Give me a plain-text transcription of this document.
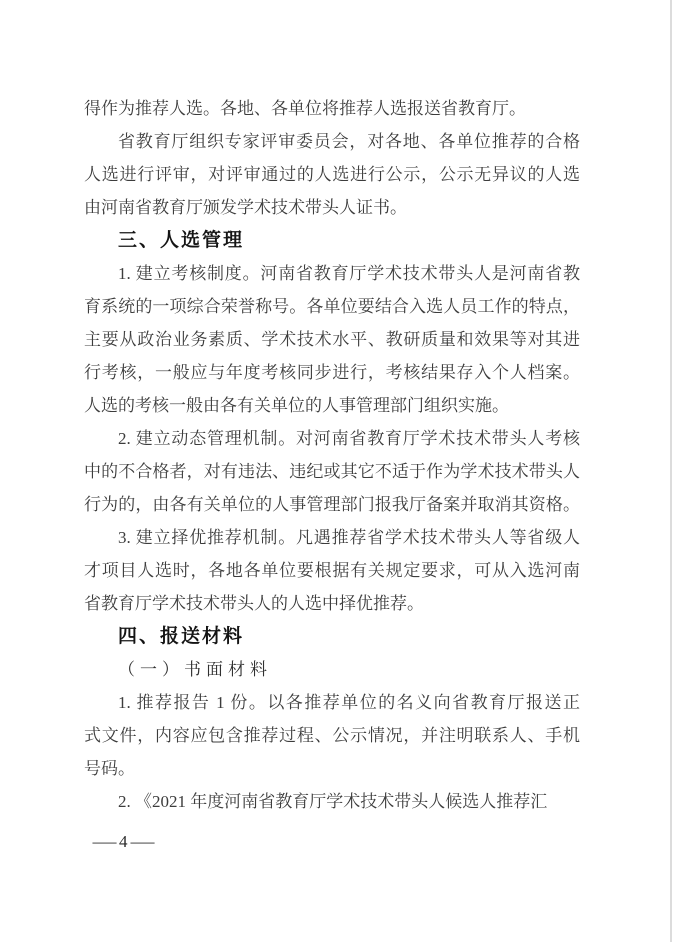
得作为推荐人选。各地、各单位将推荐人选报送省教育厅。
省教育厅组织专家评审委员会，对各地、各单位推荐的合格
人选进行评审，对评审通过的人选进行公示，公示无异议的人选
由河南省教育厅颁发学术技术带头人证书。
三、人选管理
1. 建立考核制度。河南省教育厅学术技术带头人是河南省教
育系统的一项综合荣誉称号。各单位要结合入选人员工作的特点，
主要从政治业务素质、学术技术水平、教研质量和效果等对其进
行考核，一般应与年度考核同步进行，考核结果存入个人档案。
人选的考核一般由各有关单位的人事管理部门组织实施。
2. 建立动态管理机制。对河南省教育厅学术技术带头人考核
中的不合格者，对有违法、违纪或其它不适于作为学术技术带头人
行为的，由各有关单位的人事管理部门报我厅备案并取消其资格。
3. 建立择优推荐机制。凡遇推荐省学术技术带头人等省级人
才项目人选时，各地各单位要根据有关规定要求，可从入选河南
省教育厅学术技术带头人的人选中择优推荐。
四、报送材料
（一）书面材料
1. 推荐报告 1 份。以各推荐单位的名义向省教育厅报送正
式文件，内容应包含推荐过程、公示情况，并注明联系人、手机
号码。
2. 《2021 年度河南省教育厅学术技术带头人候选人推荐汇
— 4 —
